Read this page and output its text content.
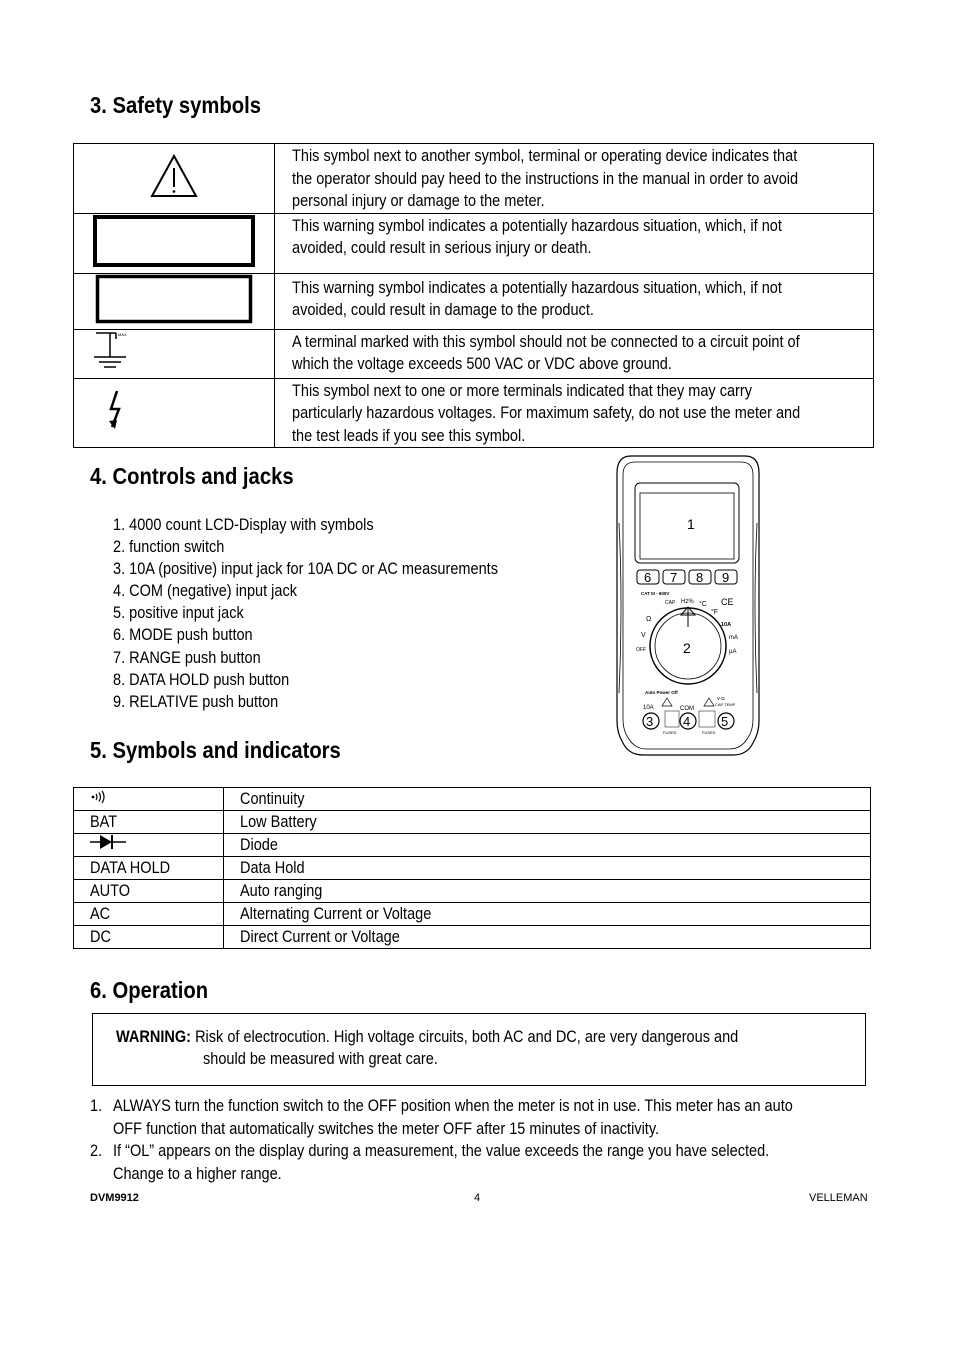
3. Safety symbols

This symbol next to another symbol, terminal or operating device indicates that
the operator should pay heed to the instructions in the manual in order to avoid
personal injury or damage to the meter.

This warning symbol indicates a potentially hazardous situation, which, if not
avoided, could result in serious injury or death.

This warning symbol indicates a potentially hazardous situation, which, if not
avoided, could result in damage to the product.

MAX	A terminal marked with this symbol should not be connected to a circuit point of
which the voltage exceeds 500 VAC or VDC above ground.

This symbol next to one or more terminals indicated that they may carry
particularly hazardous voltages. For maximum safety, do not use the meter and
the test leads if you see this symbol.
4. Controls and jacks
1. 4000 count LCD-Display with symbols
2. function switch
3. 10A (positive) input jack for 10A DC or AC measurements
4. COM (negative) input jack
5. positive input jack
6. MODE push button
7. RANGE push button
8. DATA HOLD push button
9. RELATIVE push button
1
6 7 8 9
CAT III - 600V
CE
CAP Hz% °C
°F
Ω
10A
V	mA
OFF	µA
2
Auto Power Off
10A	COM
V Ω
CAP TEMP
3 4 5
FUSED	FUSED
5. Symbols and indicators
	Continuity
BAT	Low Battery
	Diode
DATA HOLD	Data Hold
AUTO	Auto ranging
AC	Alternating Current or Voltage
DC	Direct Current or Voltage
6. Operation
WARNING: Risk of electrocution. High voltage circuits, both AC and DC, are very dangerous and
should be measured with great care.
1. ALWAYS turn the function switch to the OFF position when the meter is not in use. This meter has an auto
OFF function that automatically switches the meter OFF after 15 minutes of inactivity.
2. If “OL” appears on the display during a measurement, the value exceeds the range you have selected.
Change to a higher range.
DVM9912	4	VELLEMAN
